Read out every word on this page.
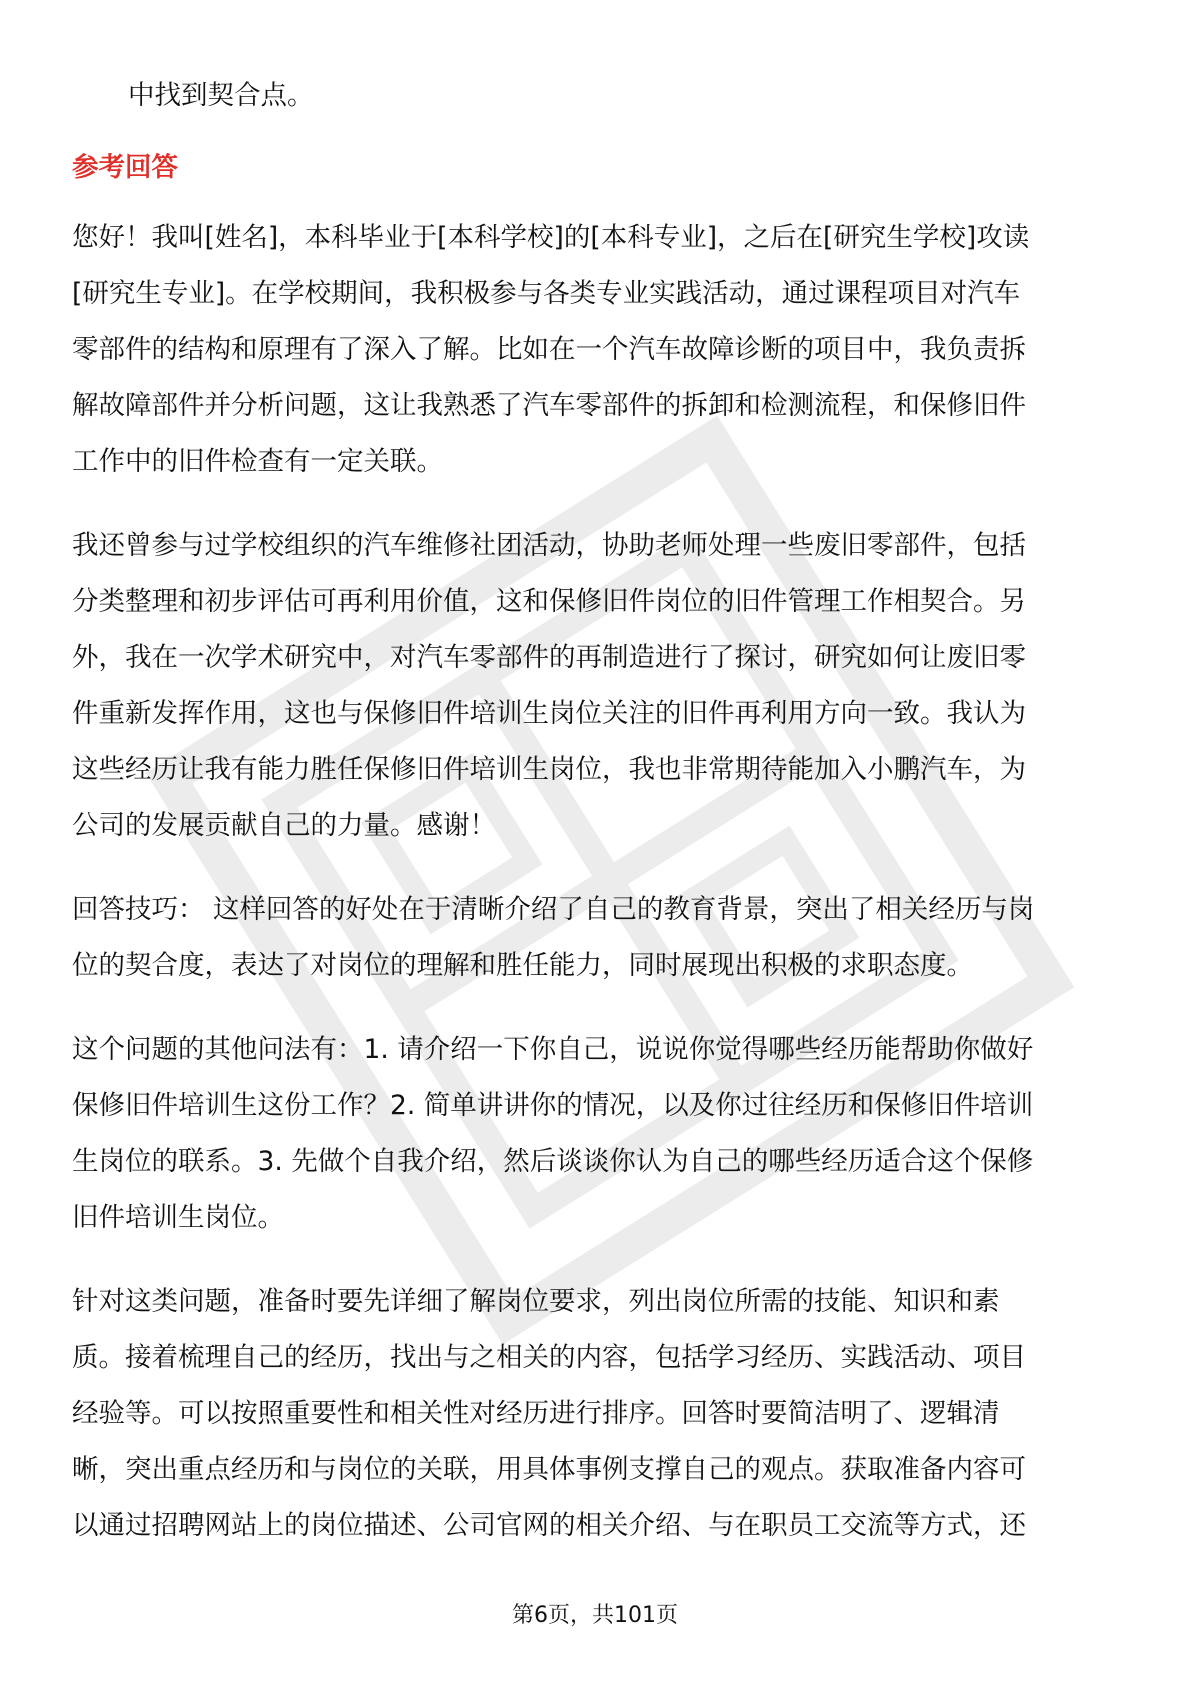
中找到契合点。

参考回答

您好！我叫[姓名]，本科毕业于[本科学校]的[本科专业]，之后在[研究生学校]攻读

[研究生专业]。在学校期间，我积极参与各类专业实践活动，通过课程项目对汽车

零部件的结构和原理有了深入了解。比如在一个汽车故障诊断的项目中，我负责拆

解故障部件并分析问题，这让我熟悉了汽车零部件的拆卸和检测流程，和保修旧件

工作中的旧件检查有一定关联。

我还曾参与过学校组织的汽车维修社团活动，协助老师处理一些废旧零部件，包括

分类整理和初步评估可再利用价值，这和保修旧件岗位的旧件管理工作相契合。另

外，我在一次学术研究中，对汽车零部件的再制造进行了探讨，研究如何让废旧零

件重新发挥作用，这也与保修旧件培训生岗位关注的旧件再利用方向一致。我认为

这些经历让我有能力胜任保修旧件培训生岗位，我也非常期待能加入小鹏汽车，为

公司的发展贡献自己的力量。感谢！

回答技巧： 这样回答的好处在于清晰介绍了自己的教育背景，突出了相关经历与岗

位的契合度，表达了对岗位的理解和胜任能力，同时展现出积极的求职态度。

这个问题的其他问法有：1. 请介绍一下你自己，说说你觉得哪些经历能帮助你做好

保修旧件培训生这份工作？2. 简单讲讲你的情况，以及你过往经历和保修旧件培训

生岗位的联系。3. 先做个自我介绍，然后谈谈你认为自己的哪些经历适合这个保修

旧件培训生岗位。

针对这类问题，准备时要先详细了解岗位要求，列出岗位所需的技能、知识和素

质。接着梳理自己的经历，找出与之相关的内容，包括学习经历、实践活动、项目

经验等。可以按照重要性和相关性对经历进行排序。回答时要简洁明了、逻辑清

晰，突出重点经历和与岗位的关联，用具体事例支撑自己的观点。获取准备内容可

以通过招聘网站上的岗位描述、公司官网的相关介绍、与在职员工交流等方式，还

第6页，共101页
